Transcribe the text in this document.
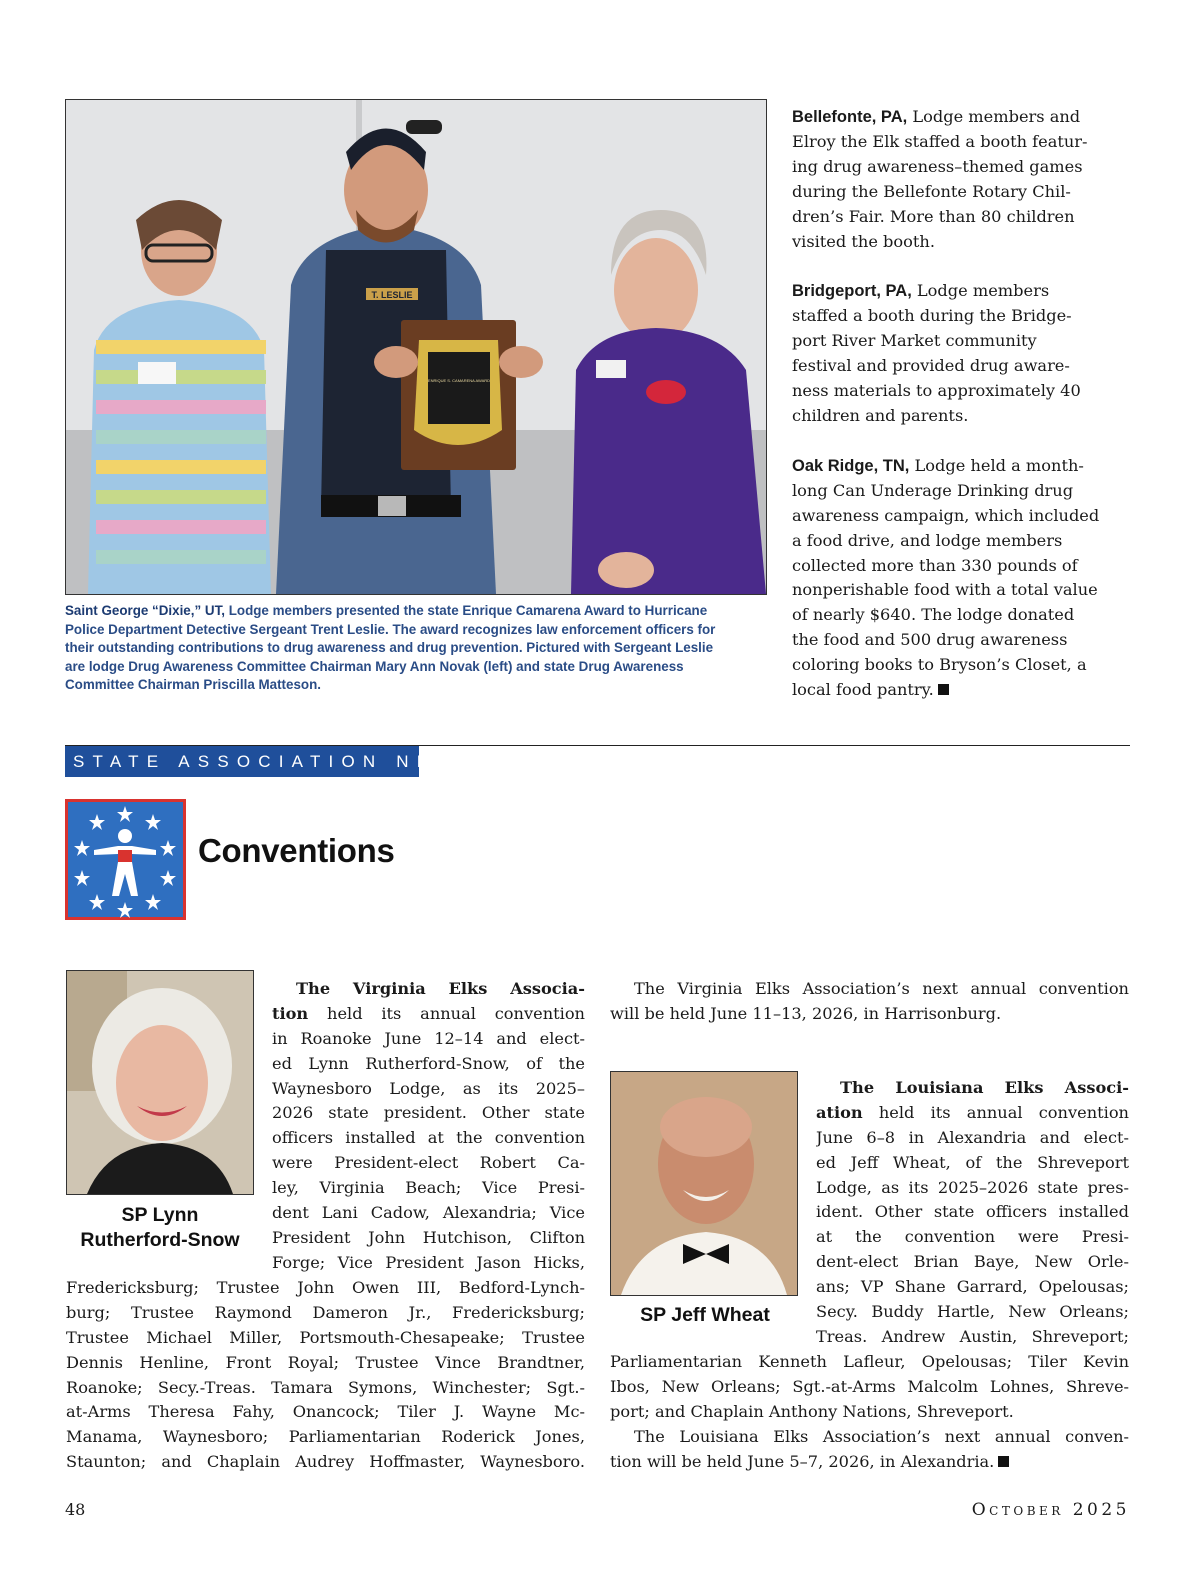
T. LESLIE
ENRIQUE S. CAMARENA AWARD
Saint George “Dixie,” UT, Lodge members presented the state Enrique Camarena Award to Hurricane
Police Department Detective Sergeant Trent Leslie. The award recognizes law enforcement officers for
their outstanding contributions to drug awareness and drug prevention. Pictured with Sergeant Leslie
are lodge Drug Awareness Committee Chairman Mary Ann Novak (left) and state Drug Awareness
Committee Chairman Priscilla Matteson.

Bellefonte, PA, Lodge members and
Elroy the Elk staffed a booth featur-
ing drug awareness–themed games
during the Bellefonte Rotary Chil-
dren’s Fair. More than 80 children
visited the booth.

Bridgeport, PA, Lodge members
staffed a booth during the Bridge-
port River Market community
festival and provided drug aware-
ness materials to approximately 40
children and parents.

Oak Ridge, TN, Lodge held a month-
long Can Underage Drinking drug
awareness campaign, which included
a food drive, and lodge members
collected more than 330 pounds of
nonperishable food with a total value
of nearly $640. The lodge donated
the food and 500 drug awareness
coloring books to Bryson’s Closet, a
local food pantry.

STATE ASSOCIATION NEWS
Conventions
SP Lynn
Rutherford-Snow
The Virginia Elks Associa-
tion held its annual convention
in Roanoke June 12–14 and elect-
ed Lynn Rutherford-Snow, of the
Waynesboro Lodge, as its 2025–
2026 state president. Other state
officers installed at the convention
were President-elect Robert Ca-
ley, Virginia Beach; Vice Presi-
dent Lani Cadow, Alexandria; Vice
President John Hutchison, Clifton
Forge; Vice President Jason Hicks,
Fredericksburg; Trustee John Owen III, Bedford-Lynch-
burg; Trustee Raymond Dameron Jr., Fredericksburg;
Trustee Michael Miller, Portsmouth-Chesapeake; Trustee
Dennis Henline, Front Royal; Trustee Vince Brandtner,
Roanoke; Secy.-Treas. Tamara Symons, Winchester; Sgt.-
at-Arms Theresa Fahy, Onancock; Tiler J. Wayne Mc-
Manama, Waynesboro; Parliamentarian Roderick Jones,
Staunton; and Chaplain Audrey Hoffmaster, Waynesboro.
The Virginia Elks Association’s next annual convention
will be held June 11–13, 2026, in Harrisonburg.
SP Jeff Wheat
The Louisiana Elks Associ-
ation held its annual convention
June 6–8 in Alexandria and elect-
ed Jeff Wheat, of the Shreveport
Lodge, as its 2025–2026 state pres-
ident. Other state officers installed
at the convention were Presi-
dent-elect Brian Baye, New Orle-
ans; VP Shane Garrard, Opelousas;
Secy. Buddy Hartle, New Orleans;
Treas. Andrew Austin, Shreveport;
Parliamentarian Kenneth Lafleur, Opelousas; Tiler Kevin
Ibos, New Orleans; Sgt.-at-Arms Malcolm Lohnes, Shreve-
port; and Chaplain Anthony Nations, Shreveport.
The Louisiana Elks Association’s next annual conven-
tion will be held June 5–7, 2026, in Alexandria.
48	October 2025
